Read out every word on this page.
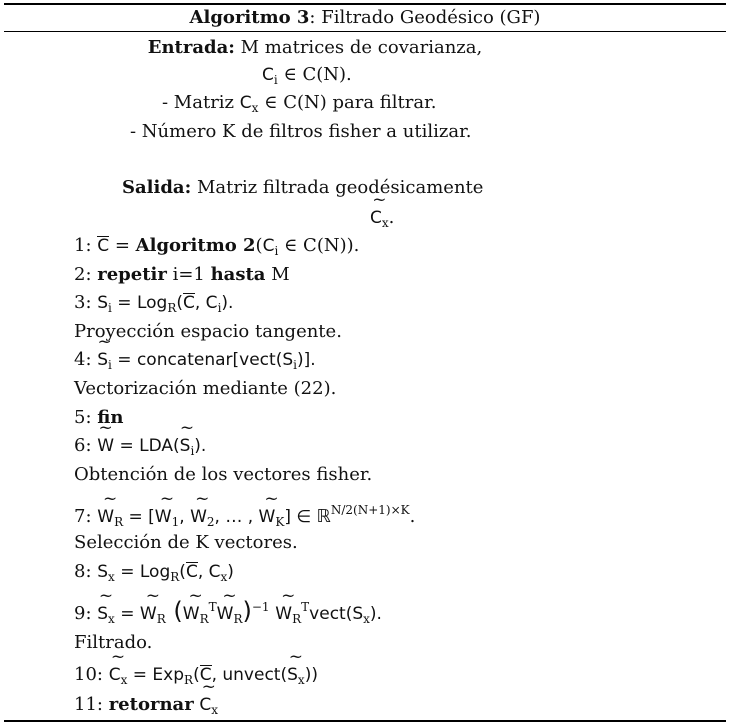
Algoritmo 3: Filtrado Geodésico (GF)
Entrada: M matrices de covarianza,
$C_i$ ∈ C(N).
- Matriz $C_x$ ∈ C(N) para filtrar.
- Número K de filtros fisher a utilizar.
Salida: Matriz filtrada geodésicamente
~ $C_x$.
1: C = Algoritmo $2(C_i$ ∈ C(N)).
2: repetir i=1 hasta M
3: $S_i = Log_R(C$, $C_i$).
Proyección espacio tangente.
4: ~ $S_i$ = $concatenar[vect(S_i)]$.
Vectorización mediante (22).
5: fin
6: ~ W = LDA(~ $S_i$).
Obtención de los vectores fisher.
7: ~ $W_R$ = [~ $W_1$, ~ $W_2$, … , ~ $W_K$] ∈ ℝ$^{N/2(N+1)\times K}$.
Selección de K vectores.
8: $S_x = Log_R(C$, $C_x$)
9: ~ $S_x$ = ~ $W_R$ (~ $W_R^T\sim$ $W_R)^{-1}$ ~ $W_R^Tvect(S_x)$.
Filtrado.
10: ~ $C_x = Exp_R(C$, unvect(~ $S_x$))
11: retornar ~ $C_x$
